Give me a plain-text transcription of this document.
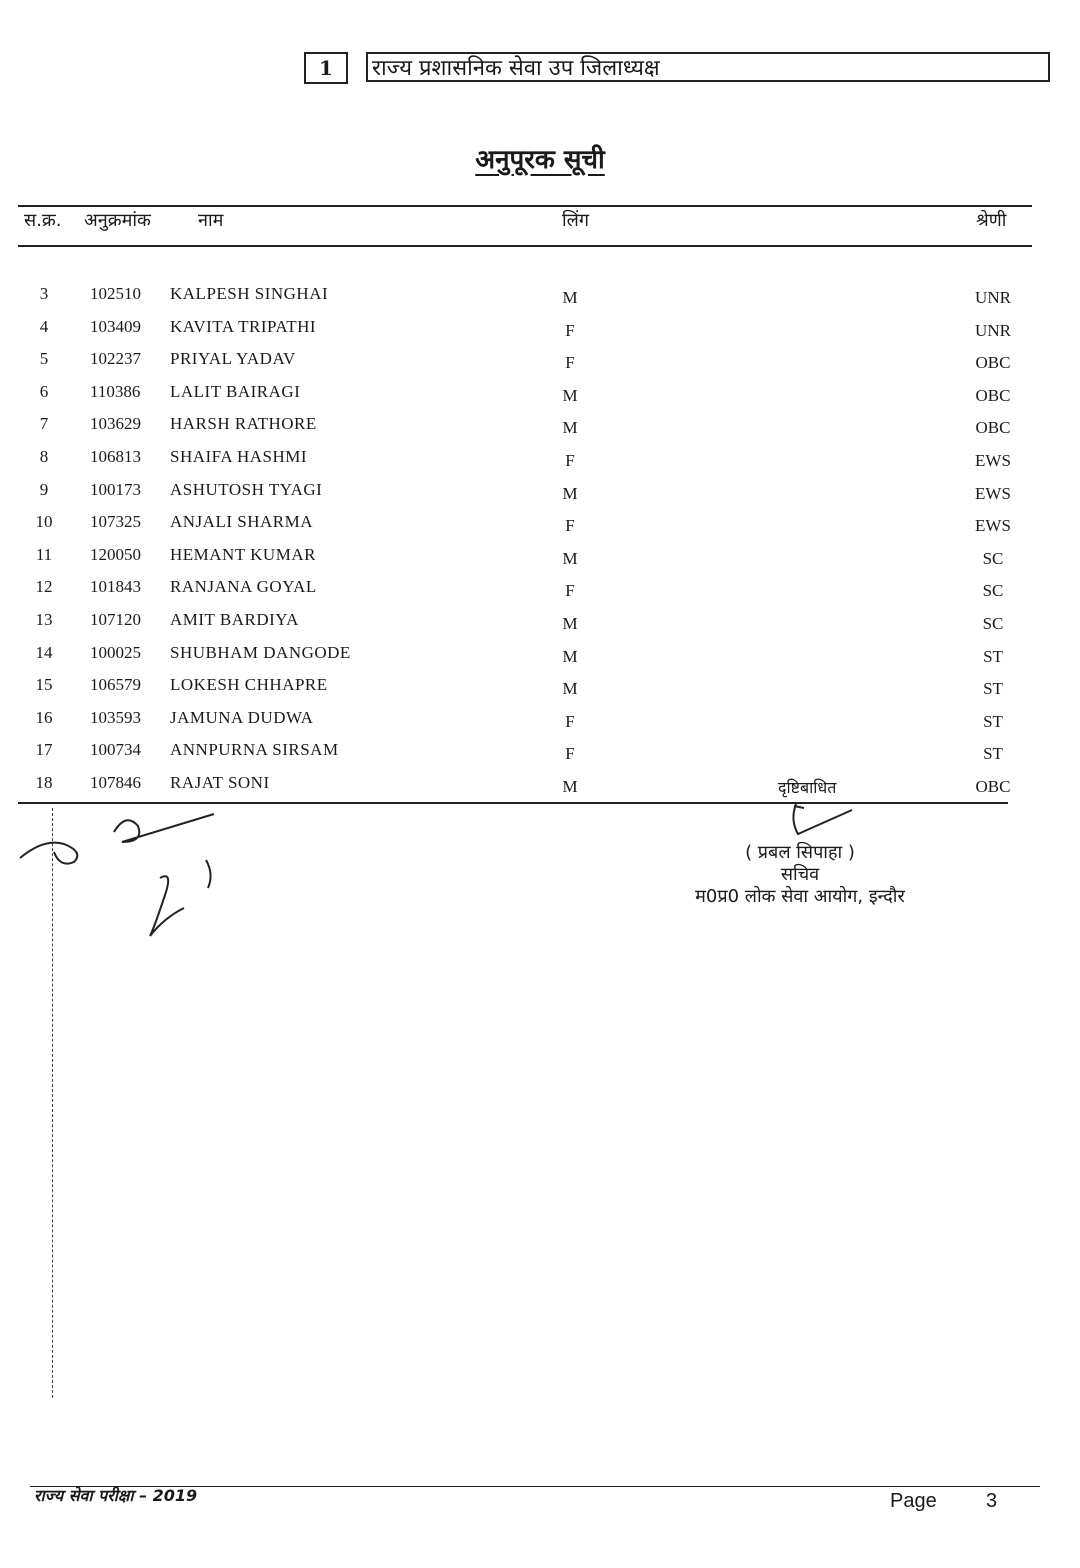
1	राज्य प्रशासनिक सेवा उप जिलाध्यक्ष
अनुपूरक सूची
स.क्र. अनुक्रमांक	नाम	लिंग	श्रेणी
3	102510 KALPESH SINGHAI	M	UNR
4	103409 KAVITA TRIPATHI	F	UNR
5	102237 PRIYAL YADAV	F	OBC
6	110386 LALIT BAIRAGI	M	OBC
7	103629 HARSH RATHORE	M	OBC
8	106813 SHAIFA HASHMI	F	EWS
9	100173 ASHUTOSH TYAGI	M	EWS
10	107325 ANJALI SHARMA	F	EWS
11	120050 HEMANT KUMAR	M	SC
12	101843 RANJANA GOYAL	F	SC
13	107120 AMIT BARDIYA	M	SC
14	100025 SHUBHAM DANGODE	M	ST
15	106579 LOKESH CHHAPRE	M	ST
16	103593 JAMUNA DUDWA	F	ST
17	100734 ANNPURNA SIRSAM	F	ST
18	107846 RAJAT SONI	M	OBC
दृष्टिबाधित
( प्रबल सिपाहा )
सचिव
म0प्र0 लोक सेवा आयोग, इन्दौर
राज्य सेवा परीक्षा – 2019	Page 3
